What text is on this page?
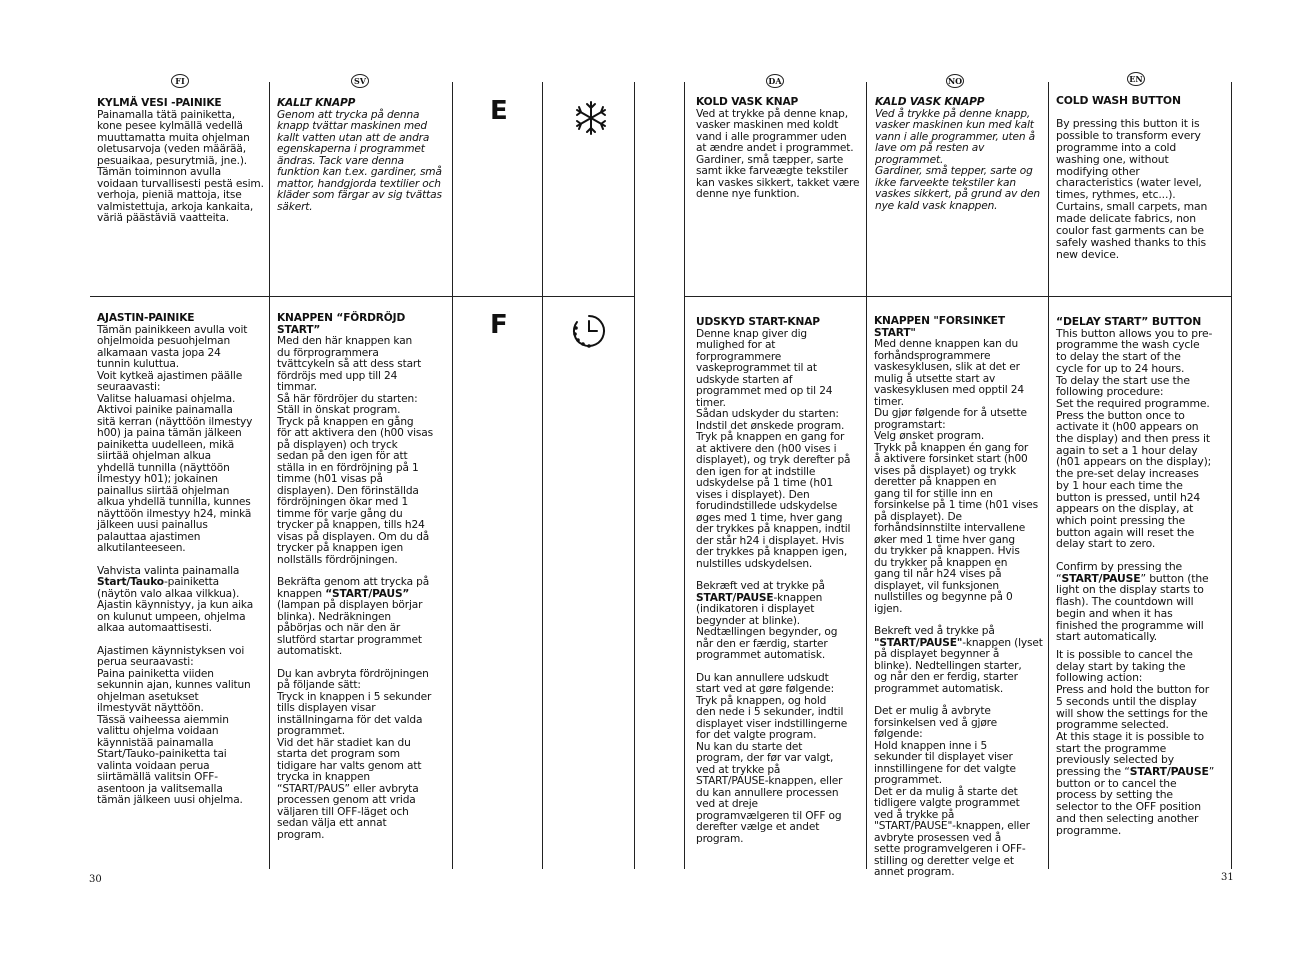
FI	SV	DA	NO	EN
E
F

KYLMÄ VESI -PAINIKE

Painamalla tätä painiketta,
kone pesee kylmällä vedellä
muuttamatta muita ohjelman
oletusarvoja (veden määrää,
pesuaikaa, pesurytmiä, jne.).
Tämän toiminnon avulla
voidaan turvallisesti pestä esim.
verhoja, pieniä mattoja, itse
valmistettuja, arkoja kankaita,
väriä päästäviä vaatteita.

KALLT KNAPP

Genom att trycka på denna
knapp tvättar maskinen med
kallt vatten utan att de andra
egenskaperna i programmet
ändras. Tack vare denna
funktion kan t.ex. gardiner, små
mattor, handgjorda textilier och
kläder som färgar av sig tvättas
säkert.

KOLD VASK KNAP

Ved at trykke på denne knap,
vasker maskinen med koldt
vand i alle programmer uden
at ændre andet i programmet.
Gardiner, små tæpper, sarte
samt ikke farveægte tekstiler
kan vaskes sikkert, takket være
denne nye funktion.

KALD VASK KNAPP

Ved å trykke på denne knapp,
vasker maskinen kun med kalt
vann i alle programmer, uten å
lave om på resten av
programmet.
Gardiner, små tepper, sarte og
ikke farveekte tekstiler kan
vaskes sikkert, på grund av den
nye kald vask knappen.

COLD WASH BUTTON

By pressing this button it is
possible to transform every
programme into a cold
washing one, without
modifying other
characteristics (water level,
times, rythmes, etc...).
Curtains, small carpets, man
made delicate fabrics, non
coulor fast garments can be
safely washed thanks to this
new device.

AJASTIN-PAINIKE

Tämän painikkeen avulla voit
ohjelmoida pesuohjelman
alkamaan vasta jopa 24
tunnin kuluttua.
Voit kytkeä ajastimen päälle
seuraavasti:
Valitse haluamasi ohjelma.
Aktivoi painike painamalla
sitä kerran (näyttöön ilmestyy
h00) ja paina tämän jälkeen
painiketta uudelleen, mikä
siirtää ohjelman alkua
yhdellä tunnilla (näyttöön
ilmestyy h01); jokainen
painallus siirtää ohjelman
alkua yhdellä tunnilla, kunnes
näyttöön ilmestyy h24, minkä
jälkeen uusi painallus
palauttaa ajastimen
alkutilanteeseen.

Vahvista valinta painamalla
Start/Tauko-painiketta
(näytön valo alkaa vilkkua).
Ajastin käynnistyy, ja kun aika
on kulunut umpeen, ohjelma
alkaa automaattisesti.

Ajastimen käynnistyksen voi
perua seuraavasti:
Paina painiketta viiden
sekunnin ajan, kunnes valitun
ohjelman asetukset
ilmestyvät näyttöön.
Tässä vaiheessa aiemmin
valittu ohjelma voidaan
käynnistää painamalla
Start/Tauko-painiketta tai
valinta voidaan perua
siirtämällä valitsin OFF-
asentoon ja valitsemalla
tämän jälkeen uusi ohjelma.

KNAPPEN “FÖRDRÖJD START”

Med den här knappen kan
du förprogrammera
tvättcykeln så att dess start
fördröjs med upp till 24
timmar.
Så här fördröjer du starten:
Ställ in önskat program.
Tryck på knappen en gång
för att aktivera den (h00 visas
på displayen) och tryck
sedan på den igen för att
ställa in en fördröjning på 1
timme (h01 visas på
displayen). Den förinställda
fördröjningen ökar med 1
timme för varje gång du
trycker på knappen, tills h24
visas på displayen. Om du då
trycker på knappen igen
nollställs fördröjningen.

Bekräfta genom att trycka på
knappen “START/PAUS”
(lampan på displayen börjar
blinka). Nedräkningen
påbörjas och när den är
slutförd startar programmet
automatiskt.

Du kan avbryta fördröjningen
på följande sätt:
Tryck in knappen i 5 sekunder
tills displayen visar
inställningarna för det valda
programmet.
Vid det här stadiet kan du
starta det program som
tidigare har valts genom att
trycka in knappen
“START/PAUS” eller avbryta
processen genom att vrida
väljaren till OFF-läget och
sedan välja ett annat
program.

UDSKYD START-KNAP

Denne knap giver dig
mulighed for at
forprogrammere
vaskeprogrammet til at
udskyde starten af
programmet med op til 24
timer.
Sådan udskyder du starten:
Indstil det ønskede program.
Tryk på knappen en gang for
at aktivere den (h00 vises i
displayet), og tryk derefter på
den igen for at indstille
udskydelse på 1 time (h01
vises i displayet). Den
forudindstillede udskydelse
øges med 1 time, hver gang
der trykkes på knappen, indtil
der står h24 i displayet. Hvis
der trykkes på knappen igen,
nulstilles udskydelsen.

Bekræft ved at trykke på
START/PAUSE-knappen
(indikatoren i displayet
begynder at blinke).
Nedtællingen begynder, og
når den er færdig, starter
programmet automatisk.

Du kan annullere udskudt
start ved at gøre følgende:
Tryk på knappen, og hold
den nede i 5 sekunder, indtil
displayet viser indstillingerne
for det valgte program.
Nu kan du starte det
program, der før var valgt,
ved at trykke på
START/PAUSE-knappen, eller
du kan annullere processen
ved at dreje
programvælgeren til OFF og
derefter vælge et andet
program.

KNAPPEN "FORSINKET START"

Med denne knappen kan du
forhåndsprogrammere
vaskesyklusen, slik at det er
mulig å utsette start av
vaskesyklusen med opptil 24
timer.
Du gjør følgende for å utsette
programstart:
Velg ønsket program.
Trykk på knappen én gang for
å aktivere forsinket start (h00
vises på displayet) og trykk
deretter på knappen en
gang til for stille inn en
forsinkelse på 1 time (h01 vises
på displayet). De
forhåndsinnstilte intervallene
øker med 1 time hver gang
du trykker på knappen. Hvis
du trykker på knappen en
gang til når h24 vises på
displayet, vil funksjonen
nullstilles og begynne på 0
igjen.

Bekreft ved å trykke på
"START/PAUSE"-knappen (lyset
på displayet begynner å
blinke). Nedtellingen starter,
og når den er ferdig, starter
programmet automatisk.

Det er mulig å avbryte
forsinkelsen ved å gjøre
følgende:
Hold knappen inne i 5
sekunder til displayet viser
innstillingene for det valgte
programmet.
Det er da mulig å starte det
tidligere valgte programmet
ved å trykke på
"START/PAUSE"-knappen, eller
avbryte prosessen ved å
sette programvelgeren i OFF-
stilling og deretter velge et
annet program.

“DELAY START” BUTTON

This button allows you to pre-
programme the wash cycle
to delay the start of the
cycle for up to 24 hours.
To delay the start use the
following procedure:
Set the required programme.
Press the button once to
activate it (h00 appears on
the display) and then press it
again to set a 1 hour delay
(h01 appears on the display);
the pre-set delay increases
by 1 hour each time the
button is pressed, until h24
appears on the display, at
which point pressing the
button again will reset the
delay start to zero.

Confirm by pressing the
“START/PAUSE” button (the
light on the display starts to
flash). The countdown will
begin and when it has
finished the programme will
start automatically.

It is possible to cancel the
delay start by taking the
following action:
Press and hold the button for
5 seconds until the display
will show the settings for the
programme selected.
At this stage it is possible to
start the programme
previously selected by
pressing the “START/PAUSE”
button or to cancel the
process by setting the
selector to the OFF position
and then selecting another
programme.

30	31
